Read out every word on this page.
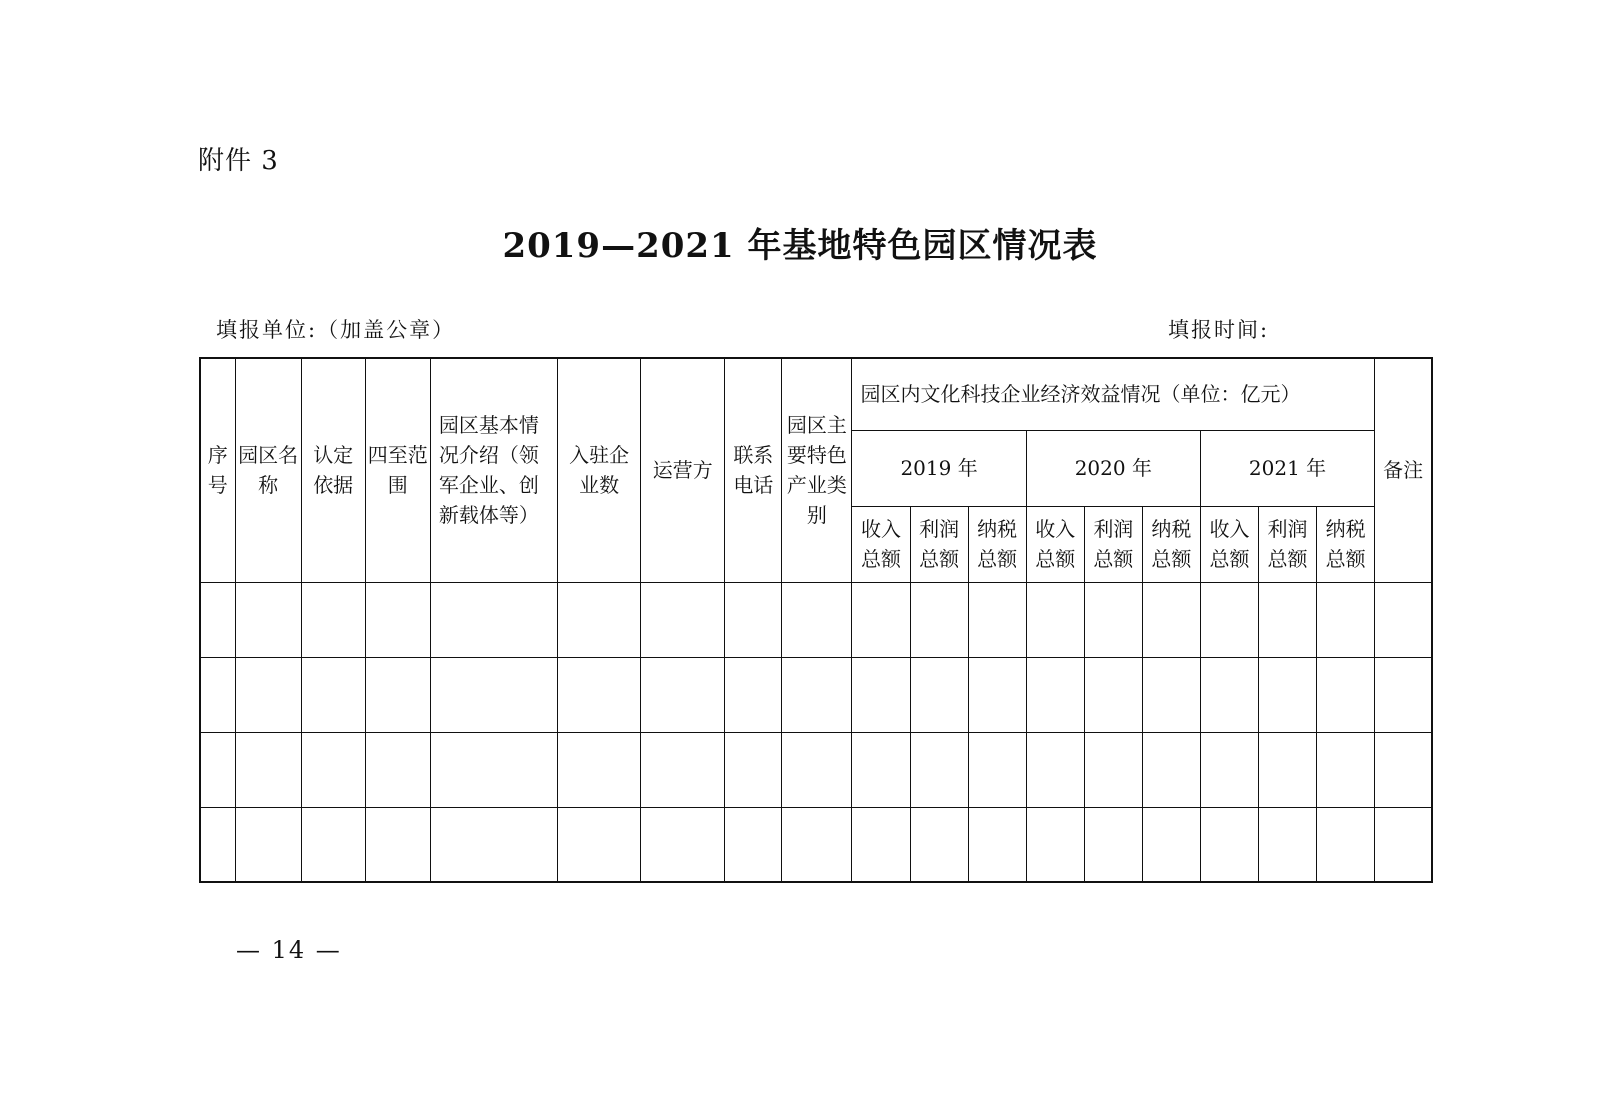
附件 3
2019—2021 年基地特色园区情况表
填报单位:（加盖公章）	填报时间:
序号	园区名称	认定依据	四至范围	园区基本情况介绍（领军企业、创新载体等）	入驻企业数	运营方	联系电话	园区主要特色产业类别	园区内文化科技企业经济效益情况（单位：亿元）									备注
									2019 年			2020 年			2021 年			
									收入总额	利润总额	纳税总额	收入总额	利润总额	纳税总额	收入总额	利润总额	纳税总额	

— 14 —
